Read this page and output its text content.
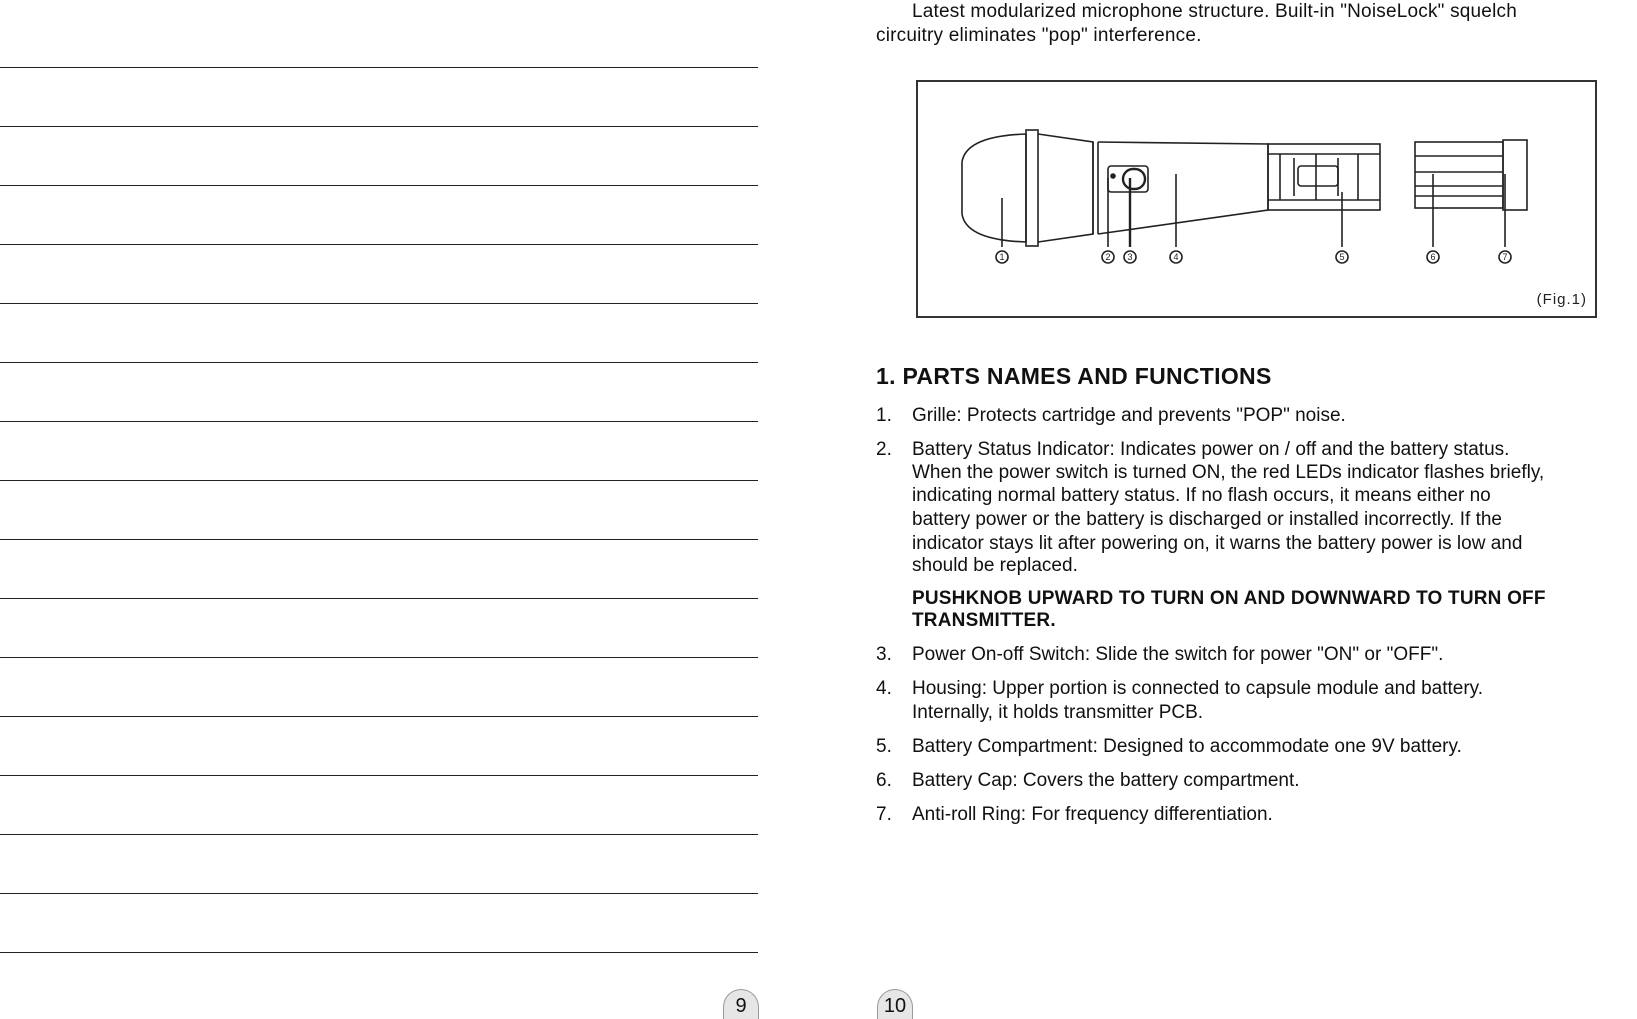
9
Latest modularized microphone structure. Built-in "NoiseLock" squelch
circuitry eliminates "pop" interference.
1	2 3	4	5	6	7
(Fig.1)
1. PARTS NAMES AND FUNCTIONS
1. Grille: Protects cartridge and prevents "POP" noise.
2. Battery Status Indicator: Indicates power on / off and the battery status.
When the power switch is turned ON, the red LEDs indicator flashes briefly,
indicating normal battery status. If no flash occurs, it means either no
battery power or the battery is discharged or installed incorrectly. If the
indicator stays lit after powering on, it warns the battery power is low and
should be replaced.
PUSHKNOB UPWARD TO TURN ON AND DOWNWARD TO TURN OFF
TRANSMITTER.
3. Power On-off Switch: Slide the switch for power "ON" or "OFF".
4. Housing: Upper portion is connected to capsule module and battery.
Internally, it holds transmitter PCB.
5. Battery Compartment: Designed to accommodate one 9V battery.
6. Battery Cap: Covers the battery compartment.
7. Anti-roll Ring: For frequency differentiation.
10
